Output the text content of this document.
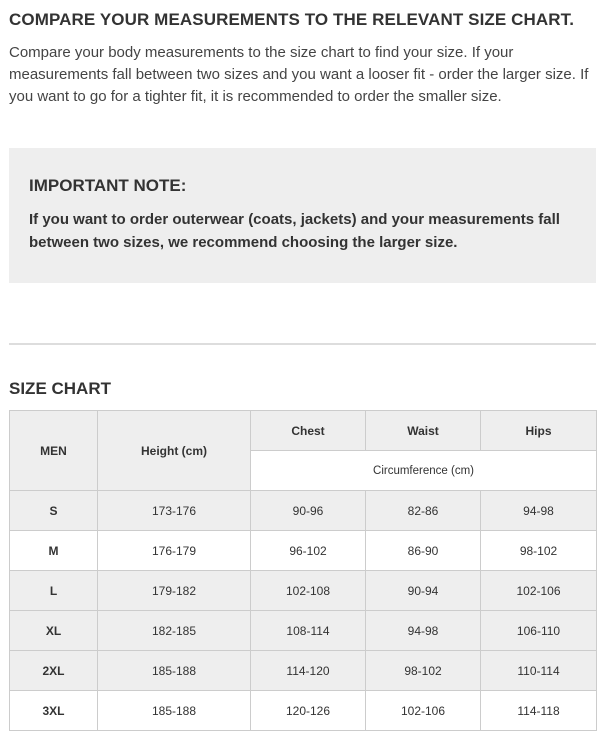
COMPARE YOUR MEASUREMENTS TO THE RELEVANT SIZE CHART.

Compare your body measurements to the size chart to find your size. If your measurements fall between two sizes and you want a looser fit - order the larger size. If you want to go for a tighter fit, it is recommended to order the smaller size.

IMPORTANT NOTE:

If you want to order outerwear (coats, jackets) and your measurements fall between two sizes, we recommend choosing the larger size.

SIZE CHART
MEN	Height (cm)	Chest	Waist	Hips
		Circumference (cm)		
S	173-176	90-96	82-86	94-98
M	176-179	96-102	86-90	98-102
L	179-182	102-108	90-94	102-106
XL	182-185	108-114	94-98	106-110
2XL	185-188	114-120	98-102	110-114
3XL	185-188	120-126	102-106	114-118
